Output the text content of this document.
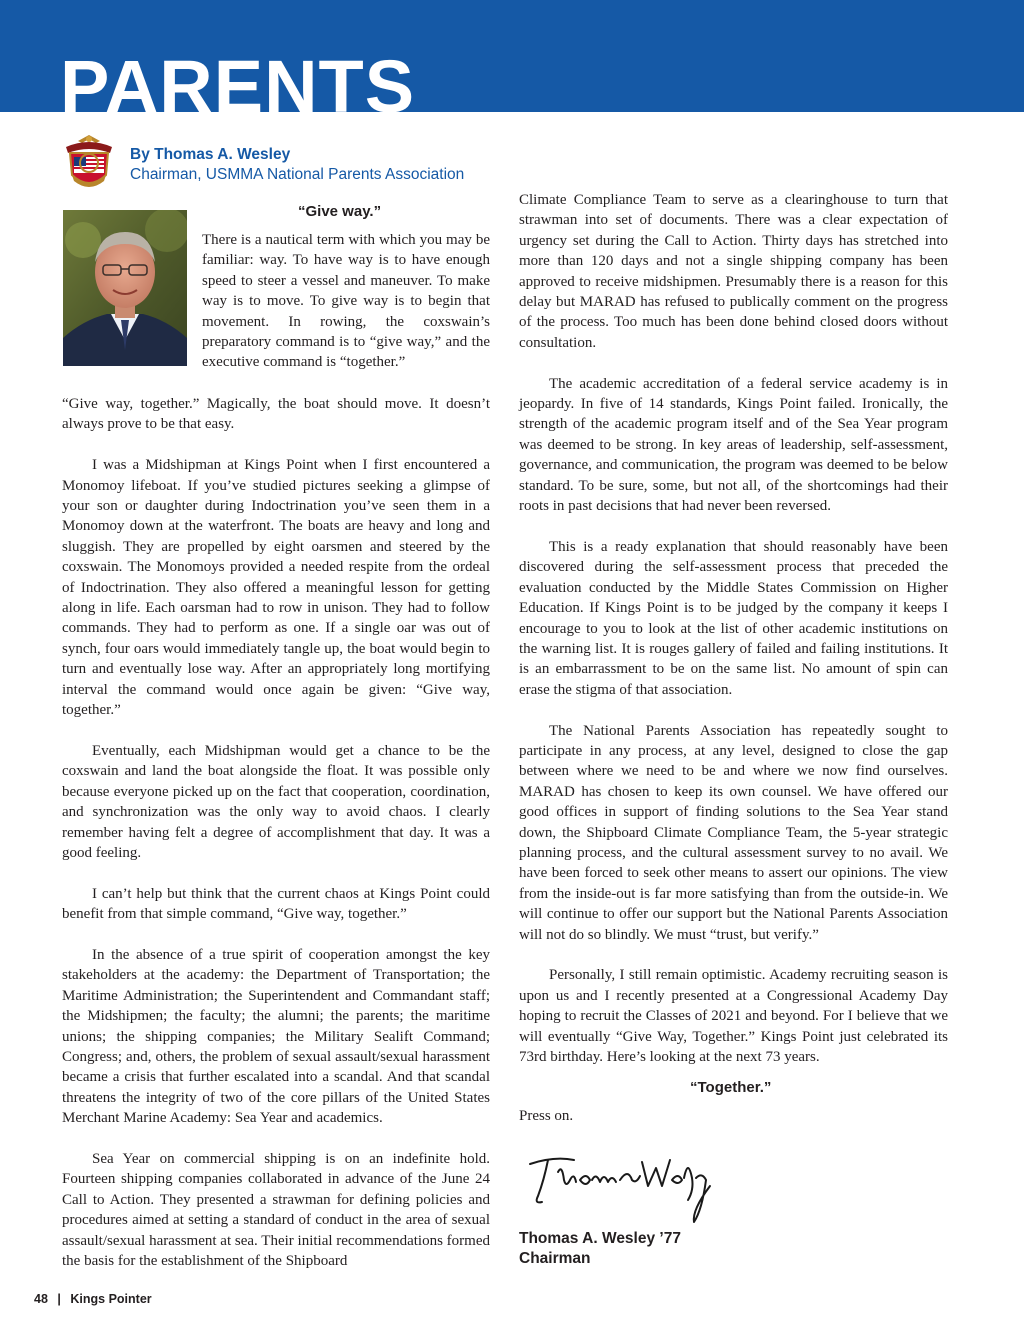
PARENTS
By Thomas A. Wesley
Chairman, USMMA National Parents Association
“Give way.”

There is a nautical term with which you may be familiar: way. To have way is to have enough speed to steer a vessel and maneuver. To make way is to move. To give way is to begin that movement. In rowing, the coxswain’s preparatory command is to “give way,” and the executive command is “together.”

“Give way, together.” Magically, the boat should move. It doesn’t always prove to be that easy.

I was a Midshipman at Kings Point when I first encountered a Monomoy lifeboat. If you’ve studied pictures seeking a glimpse of your son or daughter during Indoctrination you’ve seen them in a Monomoy down at the waterfront. The boats are heavy and long and sluggish. They are propelled by eight oarsmen and steered by the coxswain. The Monomoys provided a needed respite from the ordeal of Indoctrination. They also offered a meaningful lesson for getting along in life. Each oarsman had to row in unison. They had to follow commands. They had to perform as one. If a single oar was out of synch, four oars would immediately tangle up, the boat would begin to turn and eventually lose way. After an appropriately long mortifying interval the command would once again be given: “Give way, together.”

Eventually, each Midshipman would get a chance to be the coxswain and land the boat alongside the float. It was possible only because everyone picked up on the fact that cooperation, coordination, and synchronization was the only way to avoid chaos. I clearly remember having felt a degree of accomplishment that day. It was a good feeling.

I can’t help but think that the current chaos at Kings Point could benefit from that simple command, “Give way, together.”

In the absence of a true spirit of cooperation amongst the key stakeholders at the academy: the Department of Transportation; the Maritime Administration; the Superintendent and Commandant staff; the Midshipmen; the faculty; the alumni; the parents; the maritime unions; the shipping companies; the Military Sealift Command; Congress; and, others, the problem of sexual assault/sexual harassment became a crisis that further escalated into a scandal. And that scandal threatens the integrity of two of the core pillars of the United States Merchant Marine Academy: Sea Year and academics.

Sea Year on commercial shipping is on an indefinite hold. Fourteen shipping companies collaborated in advance of the June 24 Call to Action. They presented a strawman for defining policies and procedures aimed at setting a standard of conduct in the area of sexual assault/sexual harassment at sea. Their initial recommendations formed the basis for the establishment of the Shipboard

Climate Compliance Team to serve as a clearinghouse to turn that strawman into set of documents. There was a clear expectation of urgency set during the Call to Action. Thirty days has stretched into more than 120 days and not a single shipping company has been approved to receive midshipmen. Presumably there is a reason for this delay but MARAD has refused to publically comment on the progress of the process. Too much has been done behind closed doors without consultation.

The academic accreditation of a federal service academy is in jeopardy. In five of 14 standards, Kings Point failed. Ironically, the strength of the academic program itself and of the Sea Year program was deemed to be strong. In key areas of leadership, self-assessment, governance, and communication, the program was deemed to be below standard. To be sure, some, but not all, of the shortcomings had their roots in past decisions that had never been reversed.

This is a ready explanation that should reasonably have been discovered during the self-assessment process that preceded the evaluation conducted by the Middle States Commission on Higher Education. If Kings Point is to be judged by the company it keeps I encourage to you to look at the list of other academic institutions on the warning list. It is rouges gallery of failed and failing institutions. It is an embarrassment to be on the same list. No amount of spin can erase the stigma of that association.

The National Parents Association has repeatedly sought to participate in any process, at any level, designed to close the gap between where we need to be and where we now find ourselves. MARAD has chosen to keep its own counsel. We have offered our good offices in support of finding solutions to the Sea Year stand down, the Shipboard Climate Compliance Team, the 5-year strategic planning process, and the cultural assessment survey to no avail. We have been forced to seek other means to assert our opinions. The view from the inside-out is far more satisfying than from the outside-in. We will continue to offer our support but the National Parents Association will not do so blindly. We must “trust, but verify.”

Personally, I still remain optimistic. Academy recruiting season is upon us and I recently presented at a Congressional Academy Day hoping to recruit the Classes of 2021 and beyond. For I believe that we will eventually “Give Way, Together.” Kings Point just celebrated its 73rd birthday. Here’s looking at the next 73 years.

“Together.”

Press on.

Thomas A. Wesley ’77
Chairman
48 | Kings Pointer
